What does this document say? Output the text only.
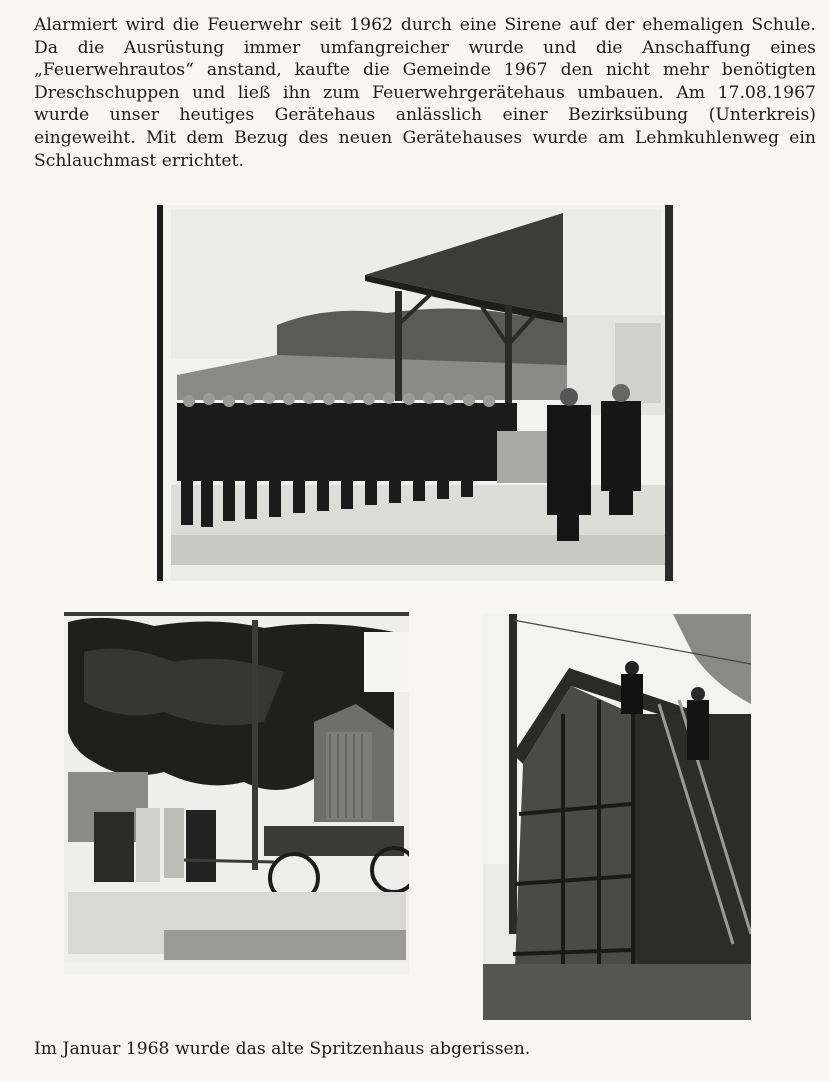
Alarmiert wird die Feuerwehr seit 1962 durch eine Sirene auf der ehemaligen Schule. Da die Ausrüstung immer umfangreicher wurde und die Anschaffung eines „Feuerwehrautos“ anstand, kaufte die Gemeinde 1967 den nicht mehr benötigten Dreschschuppen und ließ ihn zum Feuerwehrgerätehaus umbauen. Am 17.08.1967 wurde unser heutiges Gerätehaus anlässlich einer Bezirksübung (Unterkreis) eingeweiht. Mit dem Bezug des neuen Gerätehauses wurde am Lehmkuhlenweg ein Schlauchmast errichtet.

Im Januar 1968 wurde das alte Spritzenhaus abgerissen.
